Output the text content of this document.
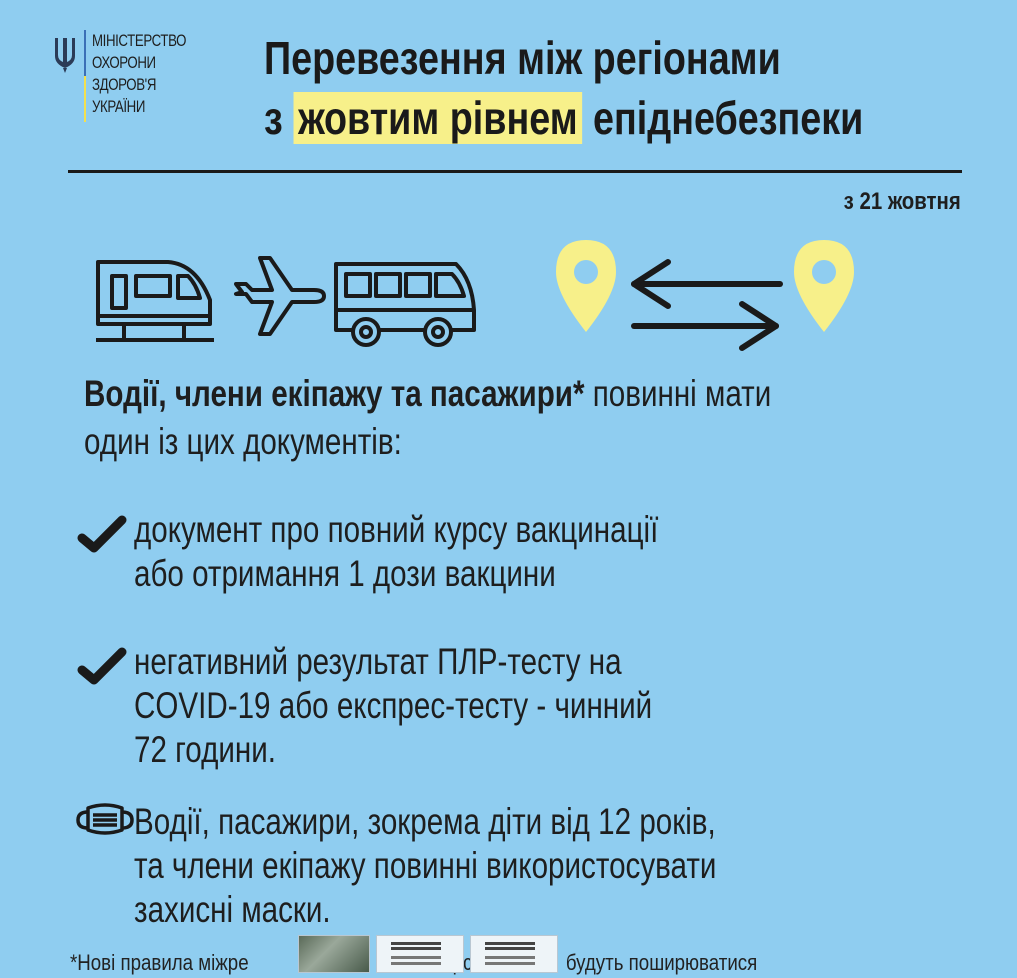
МІНІСТЕРСТВО
ОХОРОНИ
ЗДОРОВ'Я
УКРАЇНИ
Перевезення між регіонами
з жовтим рівнем епіднебезпеки
з 21 жовтня
Водії, члени екіпажу та пасажири* повинні мати
один із цих документів:
документ про повний курсу вакцинації
або отримання 1 дози вакцини
негативний результат ПЛР-тесту на
COVID-19 або експрес-тесту - чинний
72 години.
Водії, пасажири, зокрема діти від 12 років,
та члени екіпажу повинні використосувати
захисні маски.
*Нові правила міжре	будуть поширюватися
